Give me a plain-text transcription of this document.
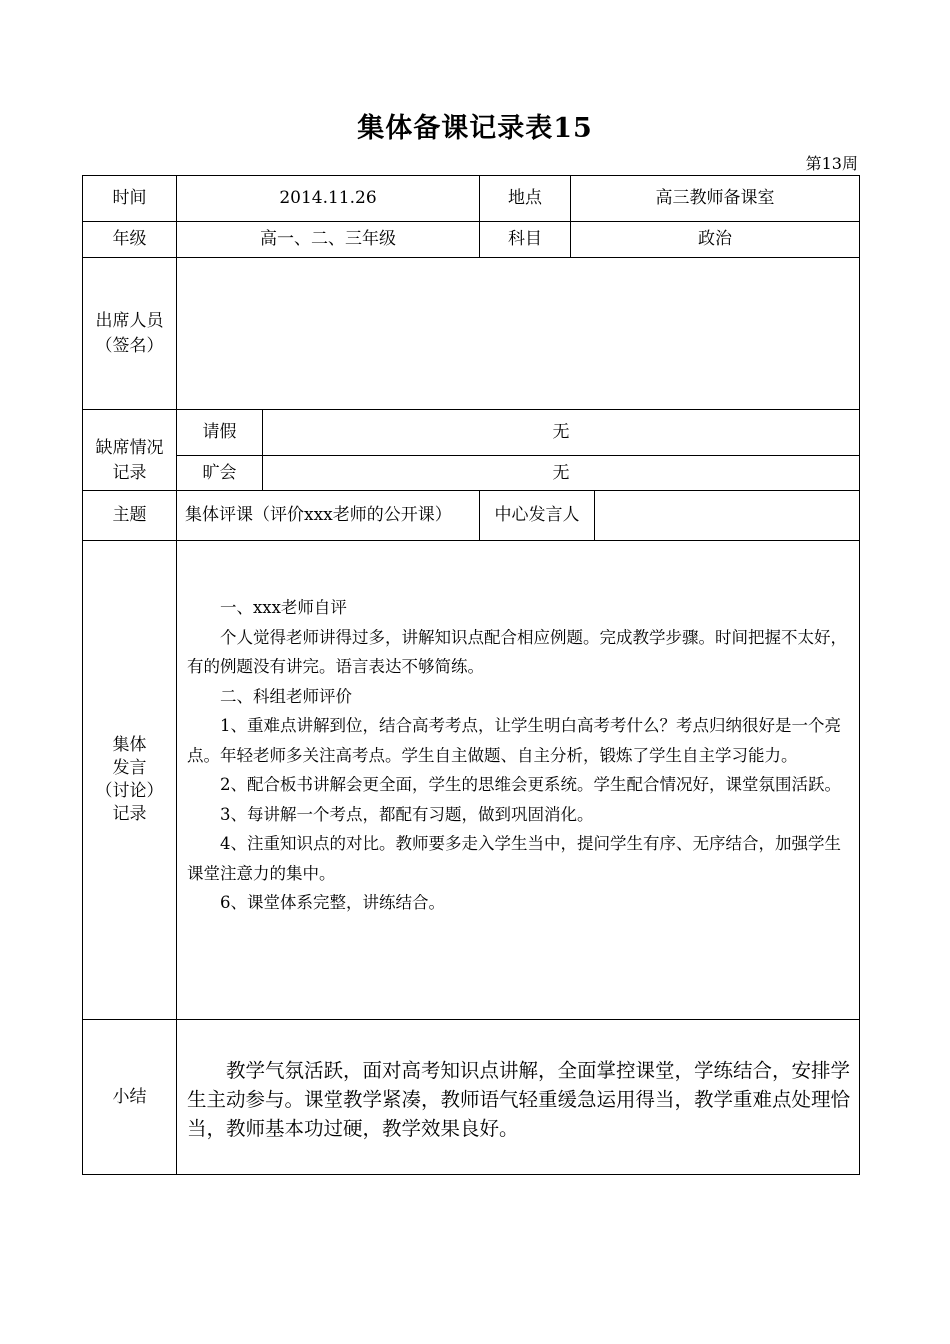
集体备课记录表15
第13周
时间	2014.11.26	地点	高三教师备课室
年级	高一、二、三年级	科目	政治
出席人员
（签名）
缺席情况
记录
请假	无
旷会	无
主题	集体评课（评价xxx老师的公开课）	中心发言人
集体
发言
（讨论）
记录

一、xxx老师自评

个人觉得老师讲得过多，讲解知识点配合相应例题。完成教学步骤。时间把握不太好，有的例题没有讲完。语言表达不够简练。

二、科组老师评价

1、重难点讲解到位，结合高考考点，让学生明白高考考什么？考点归纳很好是一个亮点。年轻老师多关注高考点。学生自主做题、自主分析，锻炼了学生自主学习能力。

2、配合板书讲解会更全面，学生的思维会更系统。学生配合情况好，课堂氛围活跃。

3、每讲解一个考点，都配有习题，做到巩固消化。

4、注重知识点的对比。教师要多走入学生当中，提问学生有序、无序结合，加强学生课堂注意力的集中。

6、课堂体系完整，讲练结合。

小结

教学气氛活跃，面对高考知识点讲解，全面掌控课堂，学练结合，安排学生主动参与。课堂教学紧凑，教师语气轻重缓急运用得当，教学重难点处理恰当，教师基本功过硬，教学效果良好。
